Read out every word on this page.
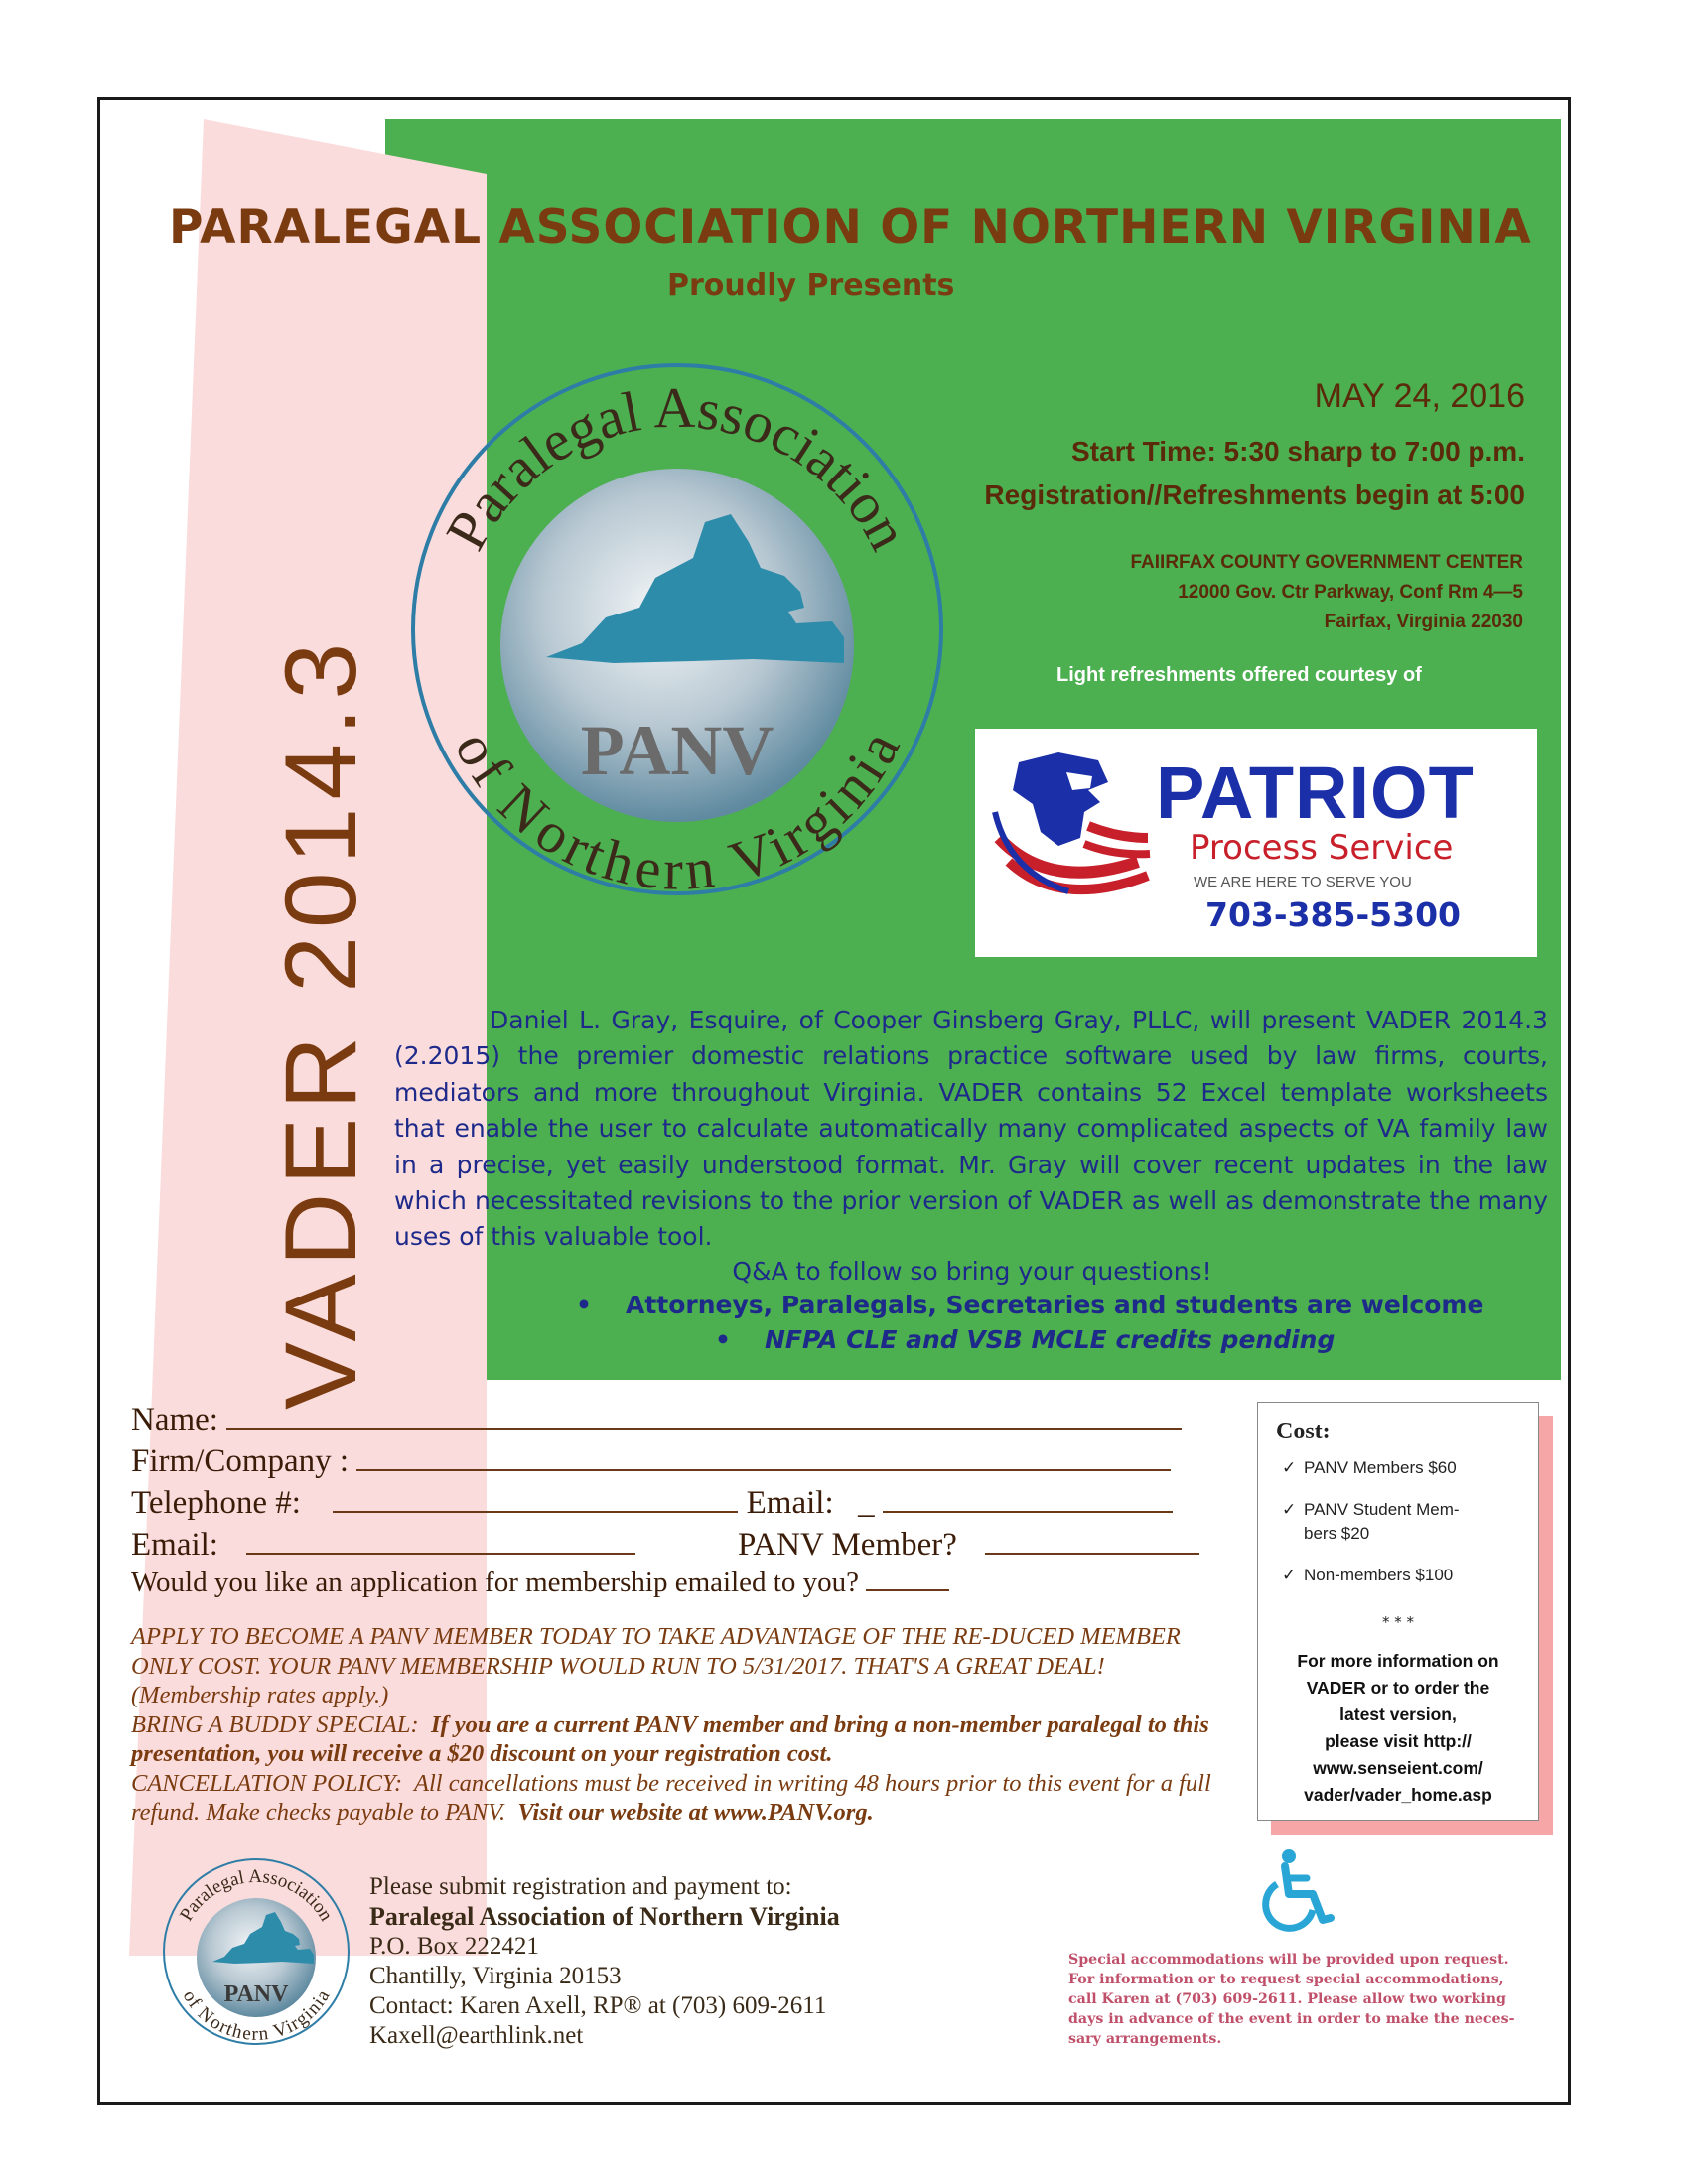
VADER 2014.3
PARALEGAL ASSOCIATION OF NORTHERN VIRGINIA
Proudly Presents
PANV
Paralegal Association
of Northern Virginia
MAY 24, 2016
Start Time: 5:30 sharp to 7:00 p.m.
Registration//Refreshments begin at 5:00
FAIIRFAX COUNTY GOVERNMENT CENTER
12000 Gov. Ctr Parkway, Conf Rm 4—5
Fairfax, Virginia 22030
Light refreshments offered courtesy of
PATRIOT
Process Service
WE ARE HERE TO SERVE YOU
703-385-5300
Daniel L. Gray, Esquire, of Cooper Ginsberg Gray, PLLC, will present VADER 2014.3 (2.2015) the premier domestic relations practice software used by law firms, courts, mediators and more throughout Virginia. VADER contains 52 Excel template worksheets that enable the user to calculate automatically many complicated aspects of VA family law in a precise, yet easily understood format. Mr. Gray will cover recent updates in the law which necessitated revisions to the prior version of VADER as well as demonstrate the many uses of this valuable tool.
Q&A to follow so bring your questions!
• Attorneys, Paralegals, Secretaries and students are welcome
• NFPA CLE and VSB MCLE credits pending
Name:
Firm/Company :
Telephone #:	Email: _
Email:	PANV Member?
Would you like an application for membership emailed to you?
APPLY TO BECOME A PANV MEMBER TODAY TO TAKE ADVANTAGE OF THE RE-DUCED MEMBER ONLY COST. YOUR PANV MEMBERSHIP WOULD RUN TO 5/31/2017. THAT'S A GREAT DEAL! (Membership rates apply.)
BRING A BUDDY SPECIAL: If you are a current PANV member and bring a non-member paralegal to this presentation, you will receive a $20 discount on your registration cost.
CANCELLATION POLICY: All cancellations must be received in writing 48 hours prior to this event for a full refund. Make checks payable to PANV. Visit our website at www.PANV.org.
Cost:
✓ PANV Members $60
✓ PANV Student Mem-
bers $20
✓ Non-members $100
* * *
For more information on
VADER or to order the
latest version,
please visit http://
www.senseient.com/
vader/vader_home.asp
PANV
Paralegal Association
of Northern Virginia
Please submit registration and payment to:
Paralegal Association of Northern Virginia
P.O. Box 222421
Chantilly, Virginia 20153
Contact: Karen Axell, RP® at (703) 609-2611
Kaxell@earthlink.net
Special accommodations will be provided upon request. For information or to request special accommodations, call Karen at (703) 609-2611. Please allow two working days in advance of the event in order to make the neces-sary arrangements.
